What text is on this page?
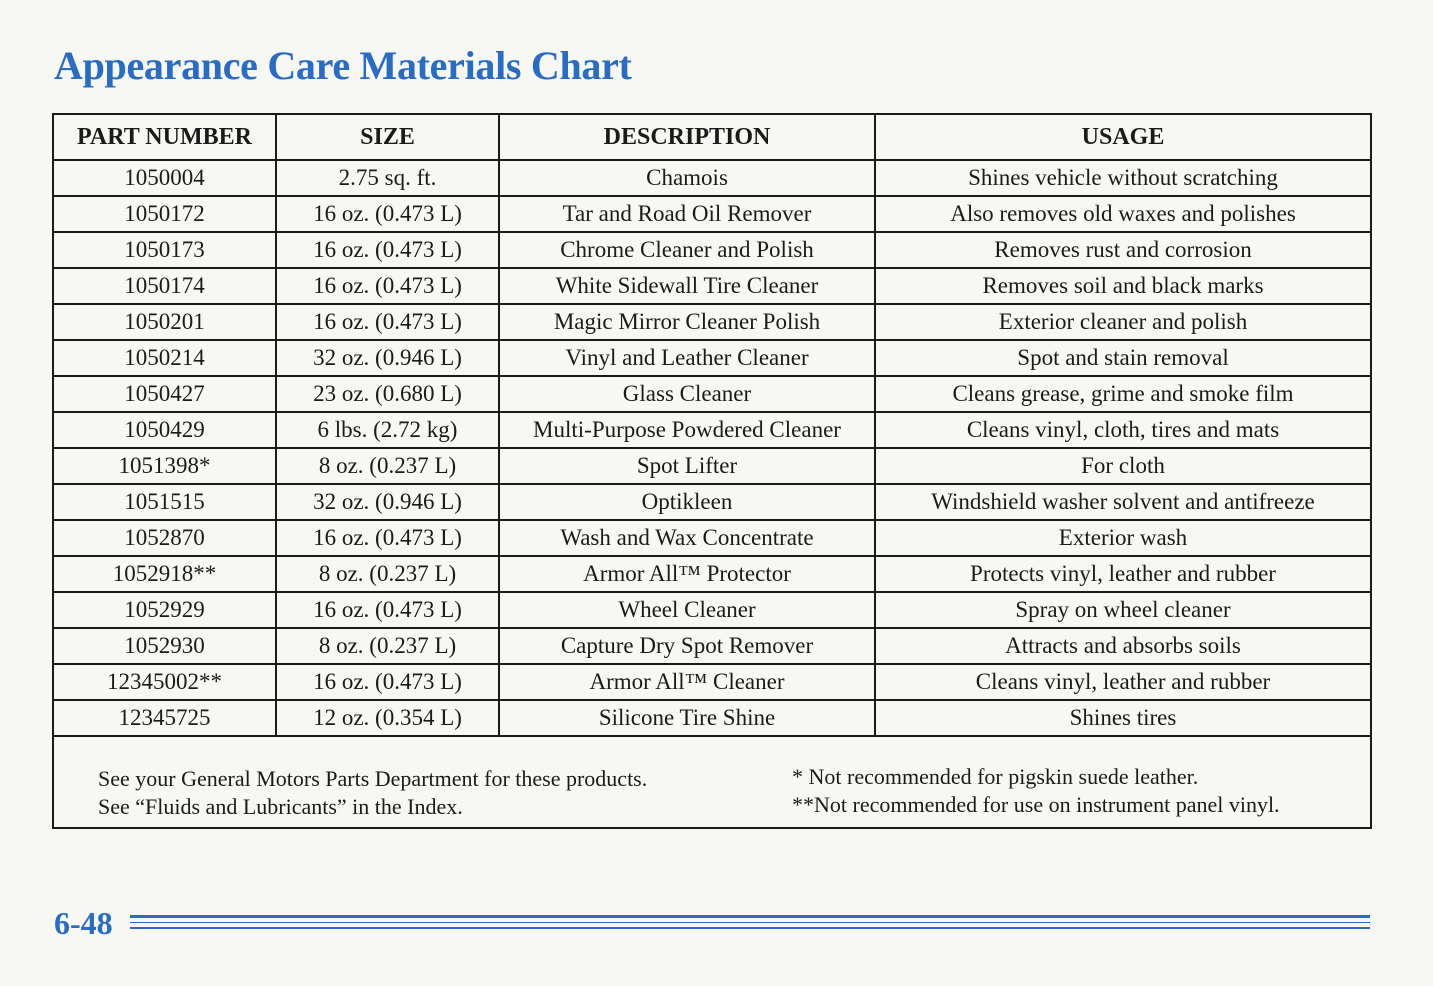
Appearance Care Materials Chart
PART NUMBER	SIZE	DESCRIPTION	USAGE
1050004	2.75 sq. ft.	Chamois	Shines vehicle without scratching
1050172	16 oz. (0.473 L)	Tar and Road Oil Remover	Also removes old waxes and polishes
1050173	16 oz. (0.473 L)	Chrome Cleaner and Polish	Removes rust and corrosion
1050174	16 oz. (0.473 L)	White Sidewall Tire Cleaner	Removes soil and black marks
1050201	16 oz. (0.473 L)	Magic Mirror Cleaner Polish	Exterior cleaner and polish
1050214	32 oz. (0.946 L)	Vinyl and Leather Cleaner	Spot and stain removal
1050427	23 oz. (0.680 L)	Glass Cleaner	Cleans grease, grime and smoke film
1050429	6 lbs. (2.72 kg)	Multi-Purpose Powdered Cleaner	Cleans vinyl, cloth, tires and mats
1051398*	8 oz. (0.237 L)	Spot Lifter	For cloth
1051515	32 oz. (0.946 L)	Optikleen	Windshield washer solvent and antifreeze
1052870	16 oz. (0.473 L)	Wash and Wax Concentrate	Exterior wash
1052918**	8 oz. (0.237 L)	Armor All™ Protector	Protects vinyl, leather and rubber
1052929	16 oz. (0.473 L)	Wheel Cleaner	Spray on wheel cleaner
1052930	8 oz. (0.237 L)	Capture Dry Spot Remover	Attracts and absorbs soils
12345002**	16 oz. (0.473 L)	Armor All™ Cleaner	Cleans vinyl, leather and rubber
12345725	12 oz. (0.354 L)	Silicone Tire Shine	Shines tires
See your General Motors Parts Department for these products.
See “Fluids and Lubricants” in the Index.
* Not recommended for pigskin suede leather.
**Not recommended for use on instrument panel vinyl.
6-48
